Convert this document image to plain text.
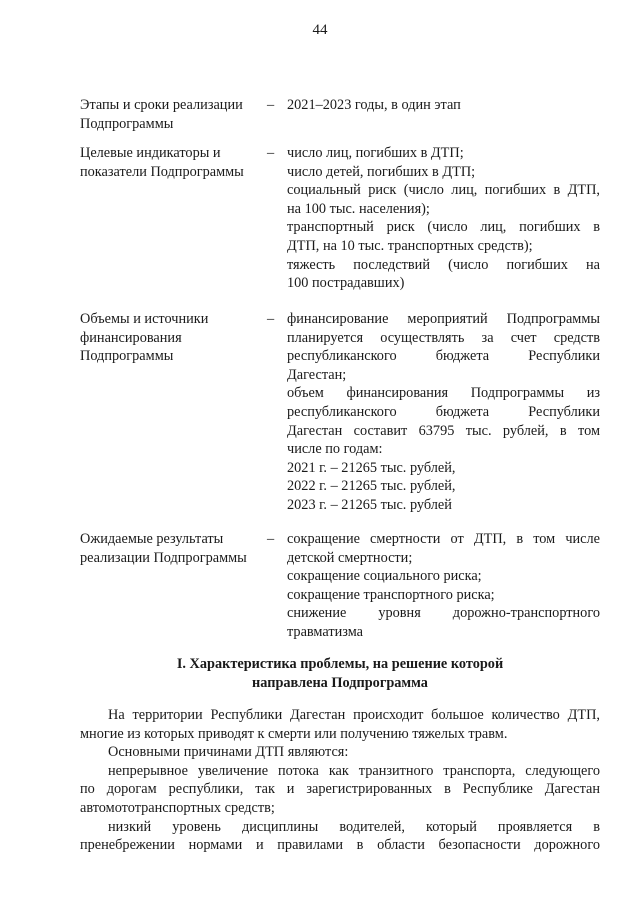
44
Этапы и сроки реализации
Подпрограммы
– 2021–2023 годы, в один этап
Целевые индикаторы и
показатели Подпрограммы
– число лиц, погибших в ДТП;
число детей, погибших в ДТП;
социальный риск (число лиц, погибших в ДТП,
на 100 тыс. населения);
транспортный риск (число лиц, погибших в
ДТП, на 10 тыс. транспортных средств);
тяжесть последствий (число погибших на
100 пострадавших)
Объемы и источники
финансирования
Подпрограммы
– финансирование мероприятий Подпрограммы
планируется осуществлять за счет средств
республиканского бюджета Республики
Дагестан;
объем финансирования Подпрограммы из
республиканского бюджета Республики
Дагестан составит 63795 тыс. рублей, в том
числе по годам:
2021 г. – 21265 тыс. рублей,
2022 г. – 21265 тыс. рублей,
2023 г. – 21265 тыс. рублей
Ожидаемые результаты
реализации Подпрограммы
– сокращение смертности от ДТП, в том числе
детской смертности;
сокращение социального риска;
сокращение транспортного риска;
снижение уровня дорожно-транспортного
травматизма
I. Характеристика проблемы, на решение которой
направлена Подпрограмма
На территории Республики Дагестан происходит большое количество ДТП,
многие из которых приводят к смерти или получению тяжелых травм.
Основными причинами ДТП являются:
непрерывное увеличение потока как транзитного транспорта, следующего
по дорогам республики, так и зарегистрированных в Республике Дагестан
автомототранспортных средств;
низкий уровень дисциплины водителей, который проявляется в
пренебрежении нормами и правилами в области безопасности дорожного
